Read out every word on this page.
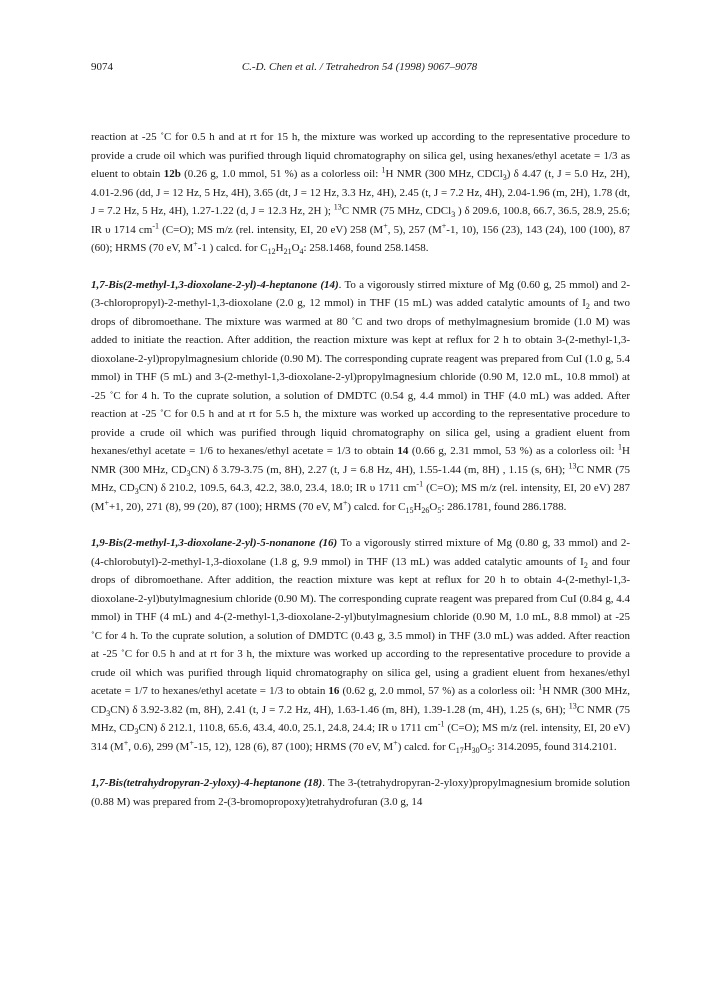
9074	C.-D. Chen et al. / Tetrahedron 54 (1998) 9067–9078

reaction at -25 ˚C for 0.5 h and at rt for 15 h, the mixture was worked up according to the representative procedure to provide a crude oil which was purified through liquid chromatography on silica gel, using hexanes/ethyl acetate = 1/3 as eluent to obtain 12b (0.26 g, 1.0 mmol, 51 %) as a colorless oil: $^1$H NMR (300 MHz, CDCl$_3$) δ 4.47 (t, J = 5.0 Hz, 2H), 4.01-2.96 (dd, J = 12 Hz, 5 Hz, 4H), 3.65 (dt, J = 12 Hz, 3.3 Hz, 4H), 2.45 (t, J = 7.2 Hz, 4H), 2.04-1.96 (m, 2H), 1.78 (dt, J = 7.2 Hz, 5 Hz, 4H), 1.27-1.22 (d, J = 12.3 Hz, 2H ); $^{13}$C NMR (75 MHz, CDCl$_3$ ) δ 209.6, 100.8, 66.7, 36.5, 28.9, 25.6; IR υ 1714 $cm^{-1}$ (C=O); MS m/z (rel. intensity, EI, 20 eV) 258 (M+, 5), 257 (M+-1, 10), 156 (23), 143 (24), 100 (100), 87 (60); HRMS (70 eV, M+-1 ) calcd. for $C_{12}H_{21}O_4$: 258.1468, found 258.1458.

1,7-Bis(2-methyl-1,3-dioxolane-2-yl)-4-heptanone (14). To a vigorously stirred mixture of Mg (0.60 g, 25 mmol) and 2-(3-chloropropyl)-2-methyl-1,3-dioxolane (2.0 g, 12 mmol) in THF (15 mL) was added catalytic amounts of $I_2$ and two drops of dibromoethane. The mixture was warmed at 80 ˚C and two drops of methylmagnesium bromide (1.0 M) was added to initiate the reaction. After addition, the reaction mixture was kept at reflux for 2 h to obtain 3-(2-methyl-1,3-dioxolane-2-yl)propylmagnesium chloride (0.90 M). The corresponding cuprate reagent was prepared from CuI (1.0 g, 5.4 mmol) in THF (5 mL) and 3-(2-methyl-1,3-dioxolane-2-yl)propylmagnesium chloride (0.90 M, 12.0 mL, 10.8 mmol) at -25 ˚C for 4 h. To the cuprate solution, a solution of DMDTC (0.54 g, 4.4 mmol) in THF (4.0 mL) was added. After reaction at -25 ˚C for 0.5 h and at rt for 5.5 h, the mixture was worked up according to the representative procedure to provide a crude oil which was purified through liquid chromatography on silica gel, using a gradient eluent from hexanes/ethyl acetate = 1/6 to hexanes/ethyl acetate = 1/3 to obtain 14 (0.66 g, 2.31 mmol, 53 %) as a colorless oil: $^1$H NMR (300 MHz, $CD_3CN$) δ 3.79-3.75 (m, 8H), 2.27 (t, J = 6.8 Hz, 4H), 1.55-1.44 (m, 8H) , 1.15 (s, 6H); $^{13}$C NMR (75 MHz, $CD_3CN$) δ 210.2, 109.5, 64.3, 42.2, 38.0, 23.4, 18.0; IR υ 1711 $cm^{-1}$ (C=O); MS m/z (rel. intensity, EI, 20 eV) 287 (M++1, 20), 271 (8), 99 (20), 87 (100); HRMS (70 eV, M+) calcd. for $C_{15}H_{26}O_5$: 286.1781, found 286.1788.

1,9-Bis(2-methyl-1,3-dioxolane-2-yl)-5-nonanone (16) To a vigorously stirred mixture of Mg (0.80 g, 33 mmol) and 2-(4-chlorobutyl)-2-methyl-1,3-dioxolane (1.8 g, 9.9 mmol) in THF (13 mL) was added catalytic amounts of $I_2$ and four drops of dibromoethane. After addition, the reaction mixture was kept at reflux for 20 h to obtain 4-(2-methyl-1,3-dioxolane-2-yl)butylmagnesium chloride (0.90 M). The corresponding cuprate reagent was prepared from CuI (0.84 g, 4.4 mmol) in THF (4 mL) and 4-(2-methyl-1,3-dioxolane-2-yl)butylmagnesium chloride (0.90 M, 1.0 mL, 8.8 mmol) at -25 ˚C for 4 h. To the cuprate solution, a solution of DMDTC (0.43 g, 3.5 mmol) in THF (3.0 mL) was added. After reaction at -25 ˚C for 0.5 h and at rt for 3 h, the mixture was worked up according to the representative procedure to provide a crude oil which was purified through liquid chromatography on silica gel, using a gradient eluent from hexanes/ethyl acetate = 1/7 to hexanes/ethyl acetate = 1/3 to obtain 16 (0.62 g, 2.0 mmol, 57 %) as a colorless oil: $^1$H NMR (300 MHz, $CD_3CN$) δ 3.92-3.82 (m, 8H), 2.41 (t, J = 7.2 Hz, 4H), 1.63-1.46 (m, 8H), 1.39-1.28 (m, 4H), 1.25 (s, 6H); $^{13}$C NMR (75 MHz, $CD_3CN$) δ 212.1, 110.8, 65.6, 43.4, 40.0, 25.1, 24.8, 24.4; IR υ 1711 $cm^{-1}$ (C=O); MS m/z (rel. intensity, EI, 20 eV) 314 (M+, 0.6), 299 (M+-15, 12), 128 (6), 87 (100); HRMS (70 eV, M+) calcd. for $C_{17}H_{30}O_5$: 314.2095, found 314.2101.

1,7-Bis(tetrahydropyran-2-yloxy)-4-heptanone (18). The 3-(tetrahydropyran-2-yloxy)propylmagnesium bromide solution (0.88 M) was prepared from 2-(3-bromopropoxy)tetrahydrofuran (3.0 g, 14
